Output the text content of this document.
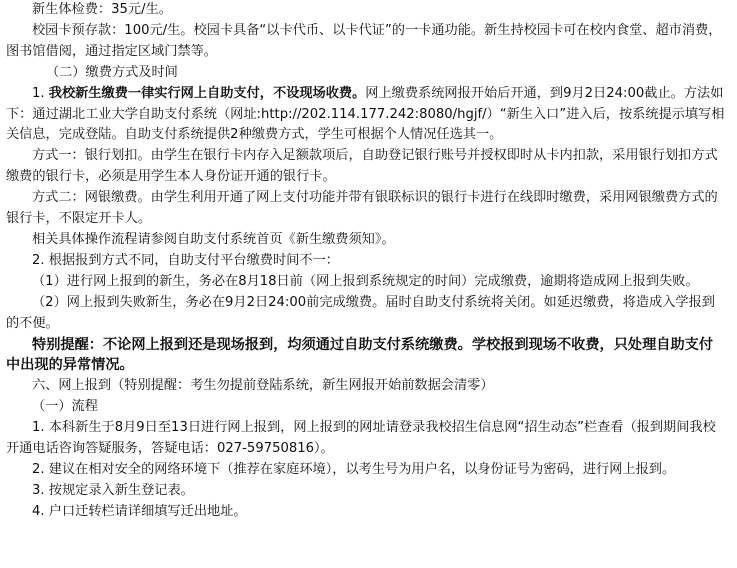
新生体检费：35元/生。

校园卡预存款：100元/生。校园卡具备“以卡代币、以卡代证”的一卡通功能。新生持校园卡可在校内食堂、超市消费，图书馆借阅，通过指定区域门禁等。

（二）缴费方式及时间

1. 我校新生缴费一律实行网上自助支付，不设现场收费。网上缴费系统网报开始后开通，到9月2日24:00截止。方法如下：通过湖北工业大学自助支付系统（网址:http://202.114.177.242:8080/hgjf/）“新生入口”进入后，按系统提示填写相关信息，完成登陆。自助支付系统提供2种缴费方式，学生可根据个人情况任选其一。

方式一：银行划扣。由学生在银行卡内存入足额款项后，自助登记银行账号并授权即时从卡内扣款，采用银行划扣方式缴费的银行卡，必须是用学生本人身份证开通的银行卡。

方式二：网银缴费。由学生利用开通了网上支付功能并带有银联标识的银行卡进行在线即时缴费，采用网银缴费方式的银行卡，不限定开卡人。

相关具体操作流程请参阅自助支付系统首页《新生缴费须知》。

2. 根据报到方式不同，自助支付平台缴费时间不一：

（1）进行网上报到的新生，务必在8月18日前（网上报到系统规定的时间）完成缴费，逾期将造成网上报到失败。

（2）网上报到失败新生，务必在9月2日24:00前完成缴费。届时自助支付系统将关闭。如延迟缴费，将造成入学报到的不便。

特别提醒：不论网上报到还是现场报到，均须通过自助支付系统缴费。学校报到现场不收费，只处理自助支付中出现的异常情况。

六、网上报到（特别提醒：考生勿提前登陆系统，新生网报开始前数据会清零）

（一）流程

1. 本科新生于8月9日至13日进行网上报到，网上报到的网址请登录我校招生信息网“招生动态”栏查看（报到期间我校开通电话咨询答疑服务，答疑电话：027-59750816）。

2. 建议在相对安全的网络环境下（推荐在家庭环境），以考生号为用户名，以身份证号为密码，进行网上报到。

3. 按规定录入新生登记表。

4. 户口迁转栏请详细填写迁出地址。
